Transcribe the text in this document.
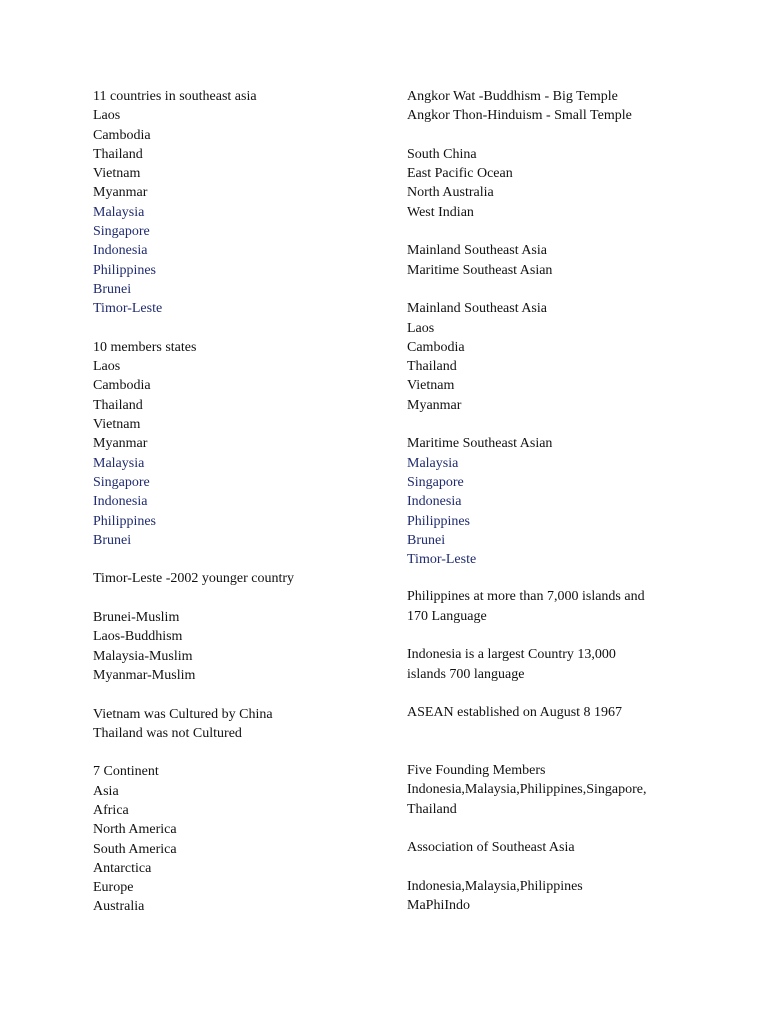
11 countries in southeast asia
Laos
Cambodia
Thailand
Vietnam
Myanmar
Malaysia
Singapore
Indonesia
Philippines
Brunei
Timor-Leste
10 members states
Laos
Cambodia
Thailand
Vietnam
Myanmar
Malaysia
Singapore
Indonesia
Philippines
Brunei
Timor-Leste -2002 younger country
Brunei-Muslim
Laos-Buddhism
Malaysia-Muslim
Myanmar-Muslim
Vietnam was Cultured by China
Thailand was not Cultured
7 Continent
Asia
Africa
North America
South America
Antarctica
Europe
Australia
Angkor Wat -Buddhism - Big Temple
Angkor Thon-Hinduism - Small Temple
South China
East Pacific Ocean
North Australia
West Indian
Mainland Southeast Asia
Maritime Southeast Asian
Mainland Southeast Asia
Laos
Cambodia
Thailand
Vietnam
Myanmar
Maritime Southeast Asian
Malaysia
Singapore
Indonesia
Philippines
Brunei
Timor-Leste
Philippines at more than 7,000 islands and
170 Language
Indonesia is a largest Country 13,000
islands 700 language
ASEAN established on August 8 1967
Five Founding Members
Indonesia,Malaysia,Philippines,Singapore,
Thailand
Association of Southeast Asia
Indonesia,Malaysia,Philippines
MaPhiIndo
